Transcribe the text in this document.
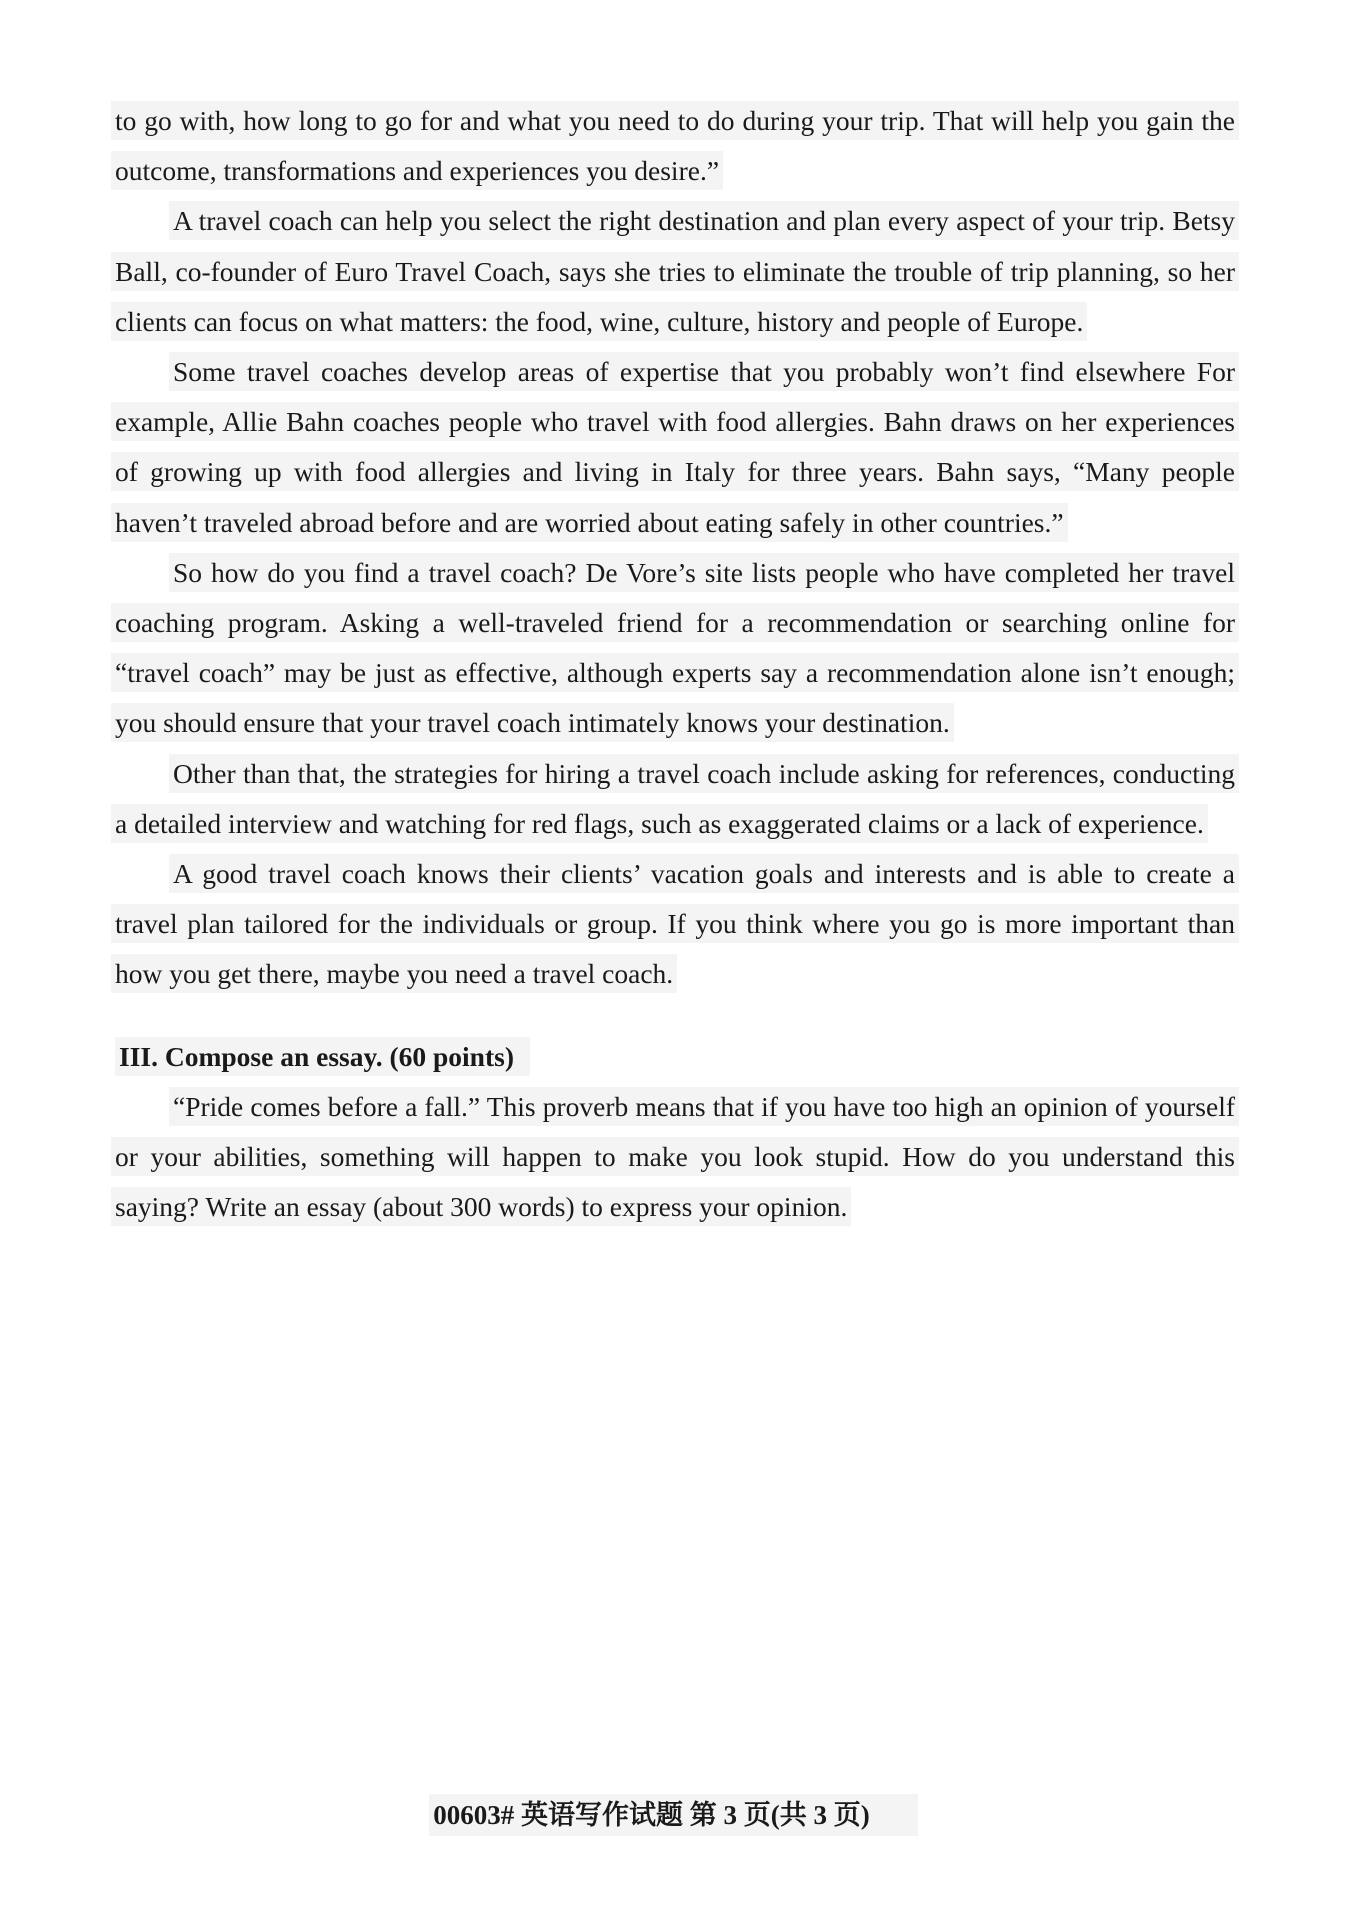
to go with, how long to go for and what you need to do during your trip. That will help you gain the outcome, transformations and experiences you desire.”

A travel coach can help you select the right destination and plan every aspect of your trip. Betsy Ball, co-founder of Euro Travel Coach, says she tries to eliminate the trouble of trip planning, so her clients can focus on what matters: the food, wine, culture, history and people of Europe.

Some travel coaches develop areas of expertise that you probably won’t find elsewhere For example, Allie Bahn coaches people who travel with food allergies. Bahn draws on her experiences of growing up with food allergies and living in Italy for three years. Bahn says, “Many people haven’t traveled abroad before and are worried about eating safely in other countries.”

So how do you find a travel coach? De Vore’s site lists people who have completed her travel coaching program. Asking a well-traveled friend for a recommendation or searching online for “travel coach” may be just as effective, although experts say a recommendation alone isn’t enough; you should ensure that your travel coach intimately knows your destination.

Other than that, the strategies for hiring a travel coach include asking for references, conducting a detailed interview and watching for red flags, such as exaggerated claims or a lack of experience.

A good travel coach knows their clients’ vacation goals and interests and is able to create a travel plan tailored for the individuals or group. If you think where you go is more important than how you get there, maybe you need a travel coach.

III. Compose an essay. (60 points)

“Pride comes before a fall.” This proverb means that if you have too high an opinion of yourself or your abilities, something will happen to make you look stupid. How do you understand this saying? Write an essay (about 300 words) to express your opinion.

00603# 英语写作试题 第 3 页(共 3 页)
